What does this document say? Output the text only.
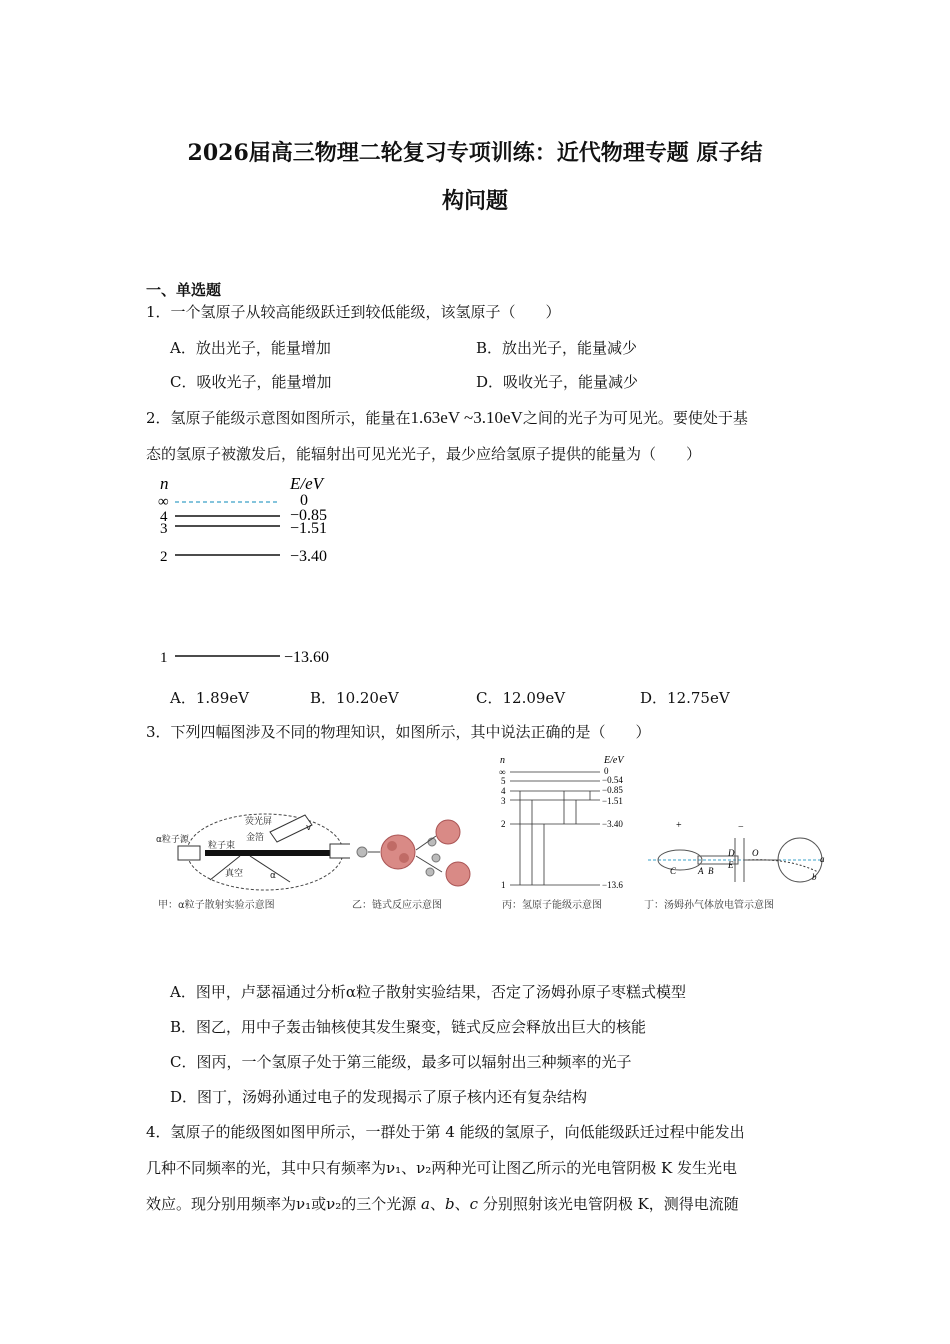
2026届高三物理二轮复习专项训练：近代物理专题 原子结
构问题
一、单选题
1．一个氢原子从较高能级跃迁到较低能级，该氢原子（　　）
A．放出光子，能量增加	B．放出光子，能量减少
C．吸收光子，能量增加	D．吸收光子，能量减少
2．氢原子能级示意图如图所示，能量在1.63eV ~3.10eV之间的光子为可见光。要使处于基
态的氢原子被激发后，能辐射出可见光光子，最少应给氢原子提供的能量为（　　）
n	E/eV
∞	0
4	−0.85
3	−1.51
2	−3.40
1	−13.60
A．1.89eV	B．10.20eV	C．12.09eV	D．12.75eV
3．下列四幅图涉及不同的物理知识，如图所示，其中说法正确的是（　　）
荧光屏
α粒子源	金箔
粒子束
真空	α
v
甲：α粒子散射实验示意图	乙：链式反应示意图
n	E/eV
∞	0
5	−0.54
4	−0.85
3	−1.51
2	−3.40
1	−13.6
丙：氢原子能级示意图
C A B
D
E
O
a
b
+	−
丁：汤姆孙气体放电管示意图
A．图甲，卢瑟福通过分析α粒子散射实验结果，否定了汤姆孙原子枣糕式模型
B．图乙，用中子轰击铀核使其发生聚变，链式反应会释放出巨大的核能
C．图丙，一个氢原子处于第三能级，最多可以辐射出三种频率的光子
D．图丁，汤姆孙通过电子的发现揭示了原子核内还有复杂结构
4．氢原子的能级图如图甲所示，一群处于第 4 能级的氢原子，向低能级跃迁过程中能发出
几种不同频率的光，其中只有频率为ν₁、ν₂两种光可让图乙所示的光电管阴极 K 发生光电
效应。现分别用频率为ν₁或ν₂的三个光源 a、b、c 分别照射该光电管阴极 K，测得电流随
